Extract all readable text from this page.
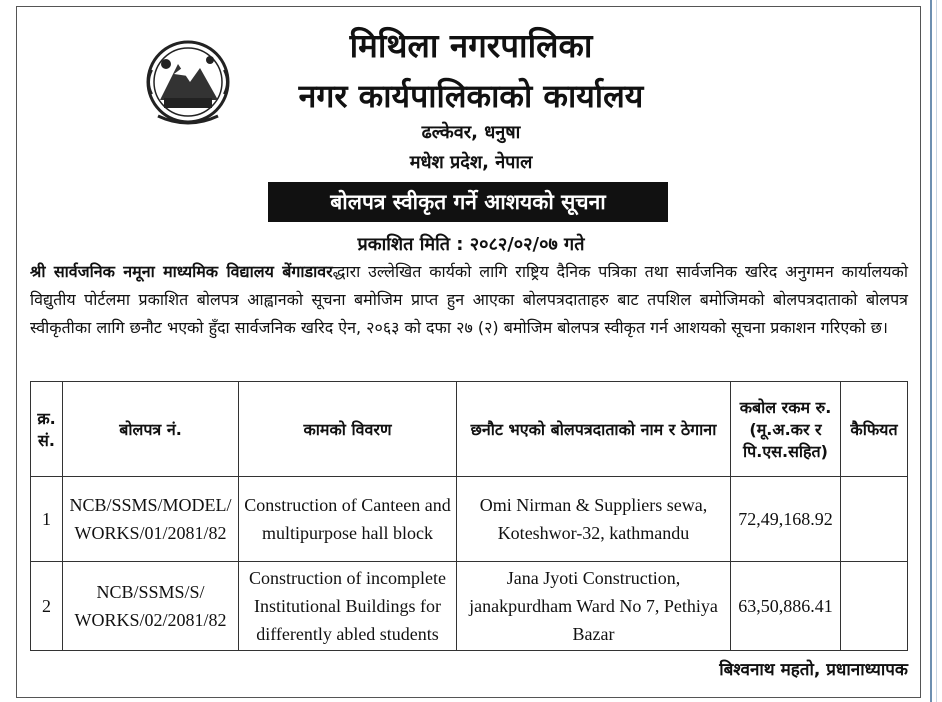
मिथिला नगरपालिका
नगर कार्यपालिकाको कार्यालय
ढल्केवर, धनुषा
मधेश प्रदेश, नेपाल
बोलपत्र स्वीकृत गर्ने आशयको सूचना
प्रकाशित मिति : २०८२/०२/०७ गते
श्री सार्वजनिक नमूना माध्यमिक विद्यालय बेंगाडावरद्धारा उल्लेखित कार्यको लागि राष्ट्रिय दैनिक पत्रिका तथा सार्वजनिक खरिद अनुगमन कार्यालयको विद्युतीय पोर्टलमा प्रकाशित बोलपत्र आह्वानको सूचना बमोजिम प्राप्त हुन आएका बोलपत्रदाताहरु बाट तपशिल बमोजिमको बोलपत्रदाताको बोलपत्र स्वीकृतीका लागि छनौट भएको हुँदा सार्वजनिक खरिद ऐन, २०६३ को दफा २७ (२) बमोजिम बोलपत्र स्वीकृत गर्न आशयको सूचना प्रकाशन गरिएको छ।
क्र. सं.	बोलपत्र नं.	कामको विवरण	छनौट भएको बोलपत्रदाताको नाम र ठेगाना	कबोल रकम रु.(मू.अ.कर र पि.एस.सहित)	कैफियत
1	NCB/SSMS/MODEL/ WORKS/01/2081/82	Construction of Canteen and multipurpose hall block	Omi Nirman & Suppliers sewa, Koteshwor-32, kathmandu	72,49,168.92	
2	NCB/SSMS/S/ WORKS/02/2081/82	Construction of incomplete Institutional Buildings for differently abled students	Jana Jyoti Construction, janakpurdham Ward No 7, Pethiya Bazar	63,50,886.41	
बिश्वनाथ महतो, प्रधानाध्यापक
